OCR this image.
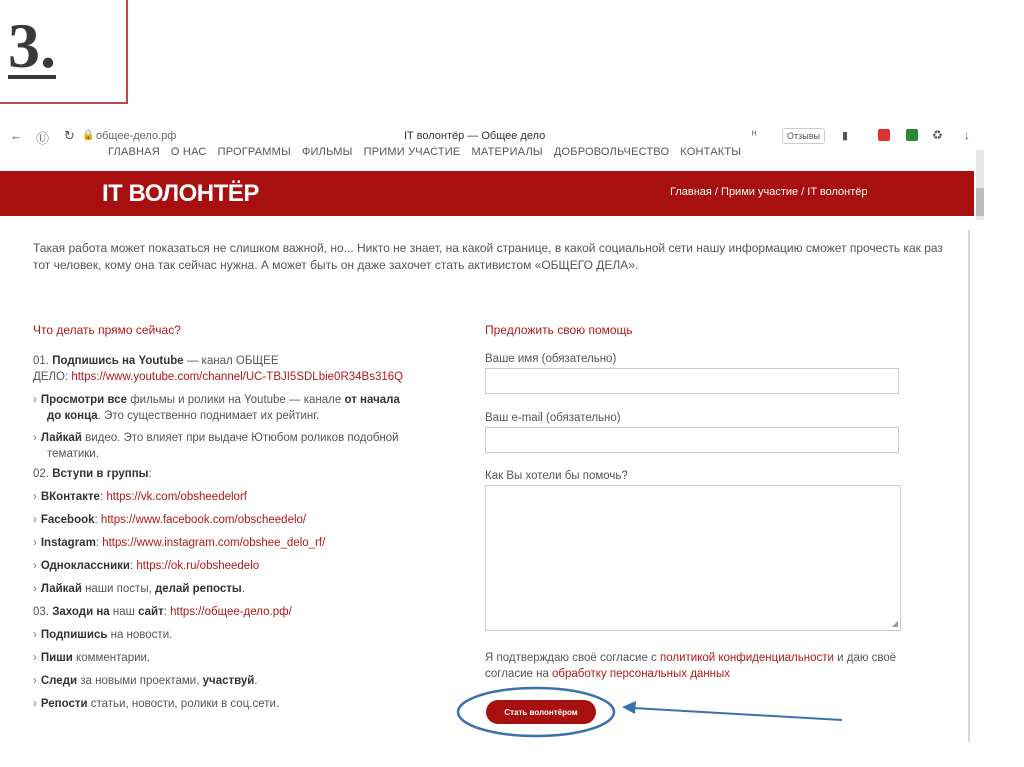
3.
← Ⓤ ↻ 🔒 общее-дело.рф	IT волонтёр — Общее дело	ᴴ	Отзывы	▮	♻ ↓
ГЛАВНАЯ О НАС ПРОГРАММЫ ФИЛЬМЫ ПРИМИ УЧАСТИЕ МАТЕРИАЛЫ ДОБРОВОЛЬЧЕСТВО КОНТАКТЫ
IT ВОЛОНТЁР	Главная / Прими участие / IT волонтёр
Такая работа может показаться не слишком важной, но... Никто не знает, на какой странице, в какой социальной сети нашу информацию сможет прочесть как раз тот человек, кому она так сейчас нужна. А может быть он даже захочет стать активистом «ОБЩЕГО ДЕЛА».
Что делать прямо сейчас?
01. Подпишись на Youtube — канал ОБЩЕЕ
ДЕЛО: https://www.youtube.com/channel/UC-TBJI5SDLbie0R34Bs316Q
› Просмотри все фильмы и ролики на Youtube — канале от начала
до конца. Это существенно поднимает их рейтинг.
› Лайкай видео. Это влияет при выдаче Ютюбом роликов подобной
тематики.
02. Вступи в группы:
› ВКонтакте: https://vk.com/obsheedelorf
› Facebook: https://www.facebook.com/obscheedelo/
› Instagram: https://www.instagram.com/obshee_delo_rf/
› Одноклассники: https://ok.ru/obsheedelo
› Лайкай наши посты, делай репосты.
03. Заходи на наш сайт: https://общее-дело.рф/
› Подпишись на новости.
› Пиши комментарии.
› Следи за новыми проектами, участвуй.
› Репости статьи, новости, ролики в соц.сети.
Предложить свою помощь
Ваше имя (обязательно)
Ваш e-mail (обязательно)
Как Вы хотели бы помочь?
◢
Я подтверждаю своё согласие с политикой конфиденциальности и даю своё согласие на обработку персональных данных
Стать волонтёром
